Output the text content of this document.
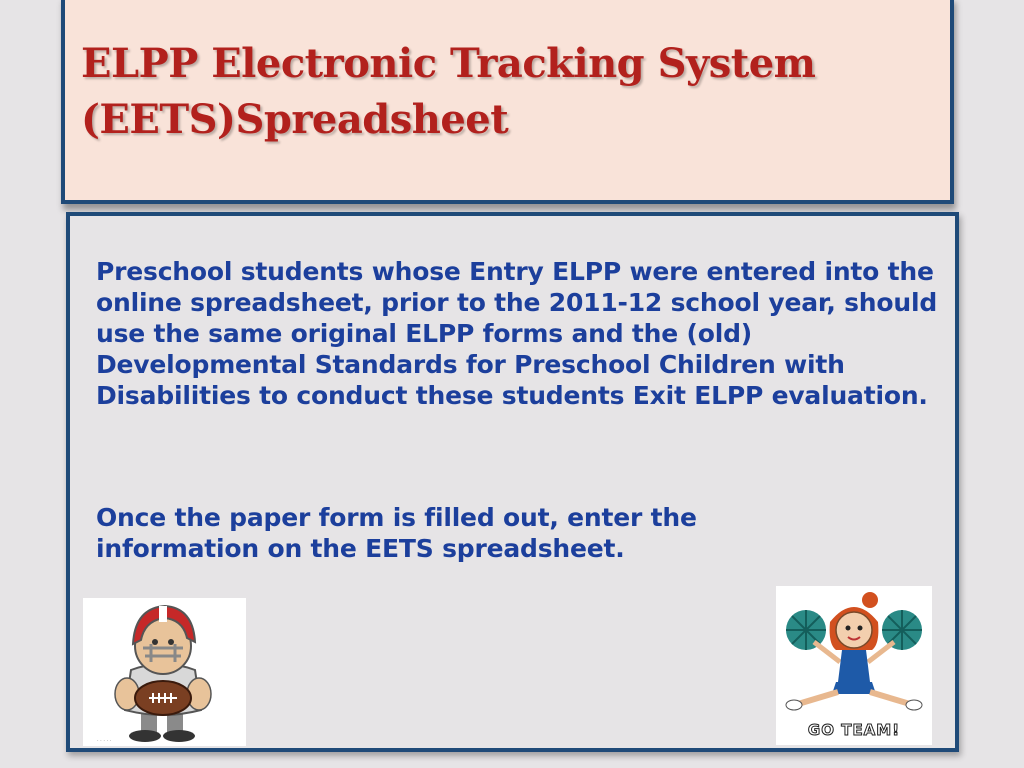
ELPP Electronic Tracking System
(EETS)Spreadsheet

Preschool students whose Entry ELPP were entered into the online spreadsheet, prior to the 2011-12 school year, should use the same original ELPP forms and the (old) Developmental Standards for Preschool Children with Disabilities to conduct these students Exit ELPP evaluation.

Once the paper form is filled out, enter the information on the EETS spreadsheet.

. . . . .
GO TEAM!
